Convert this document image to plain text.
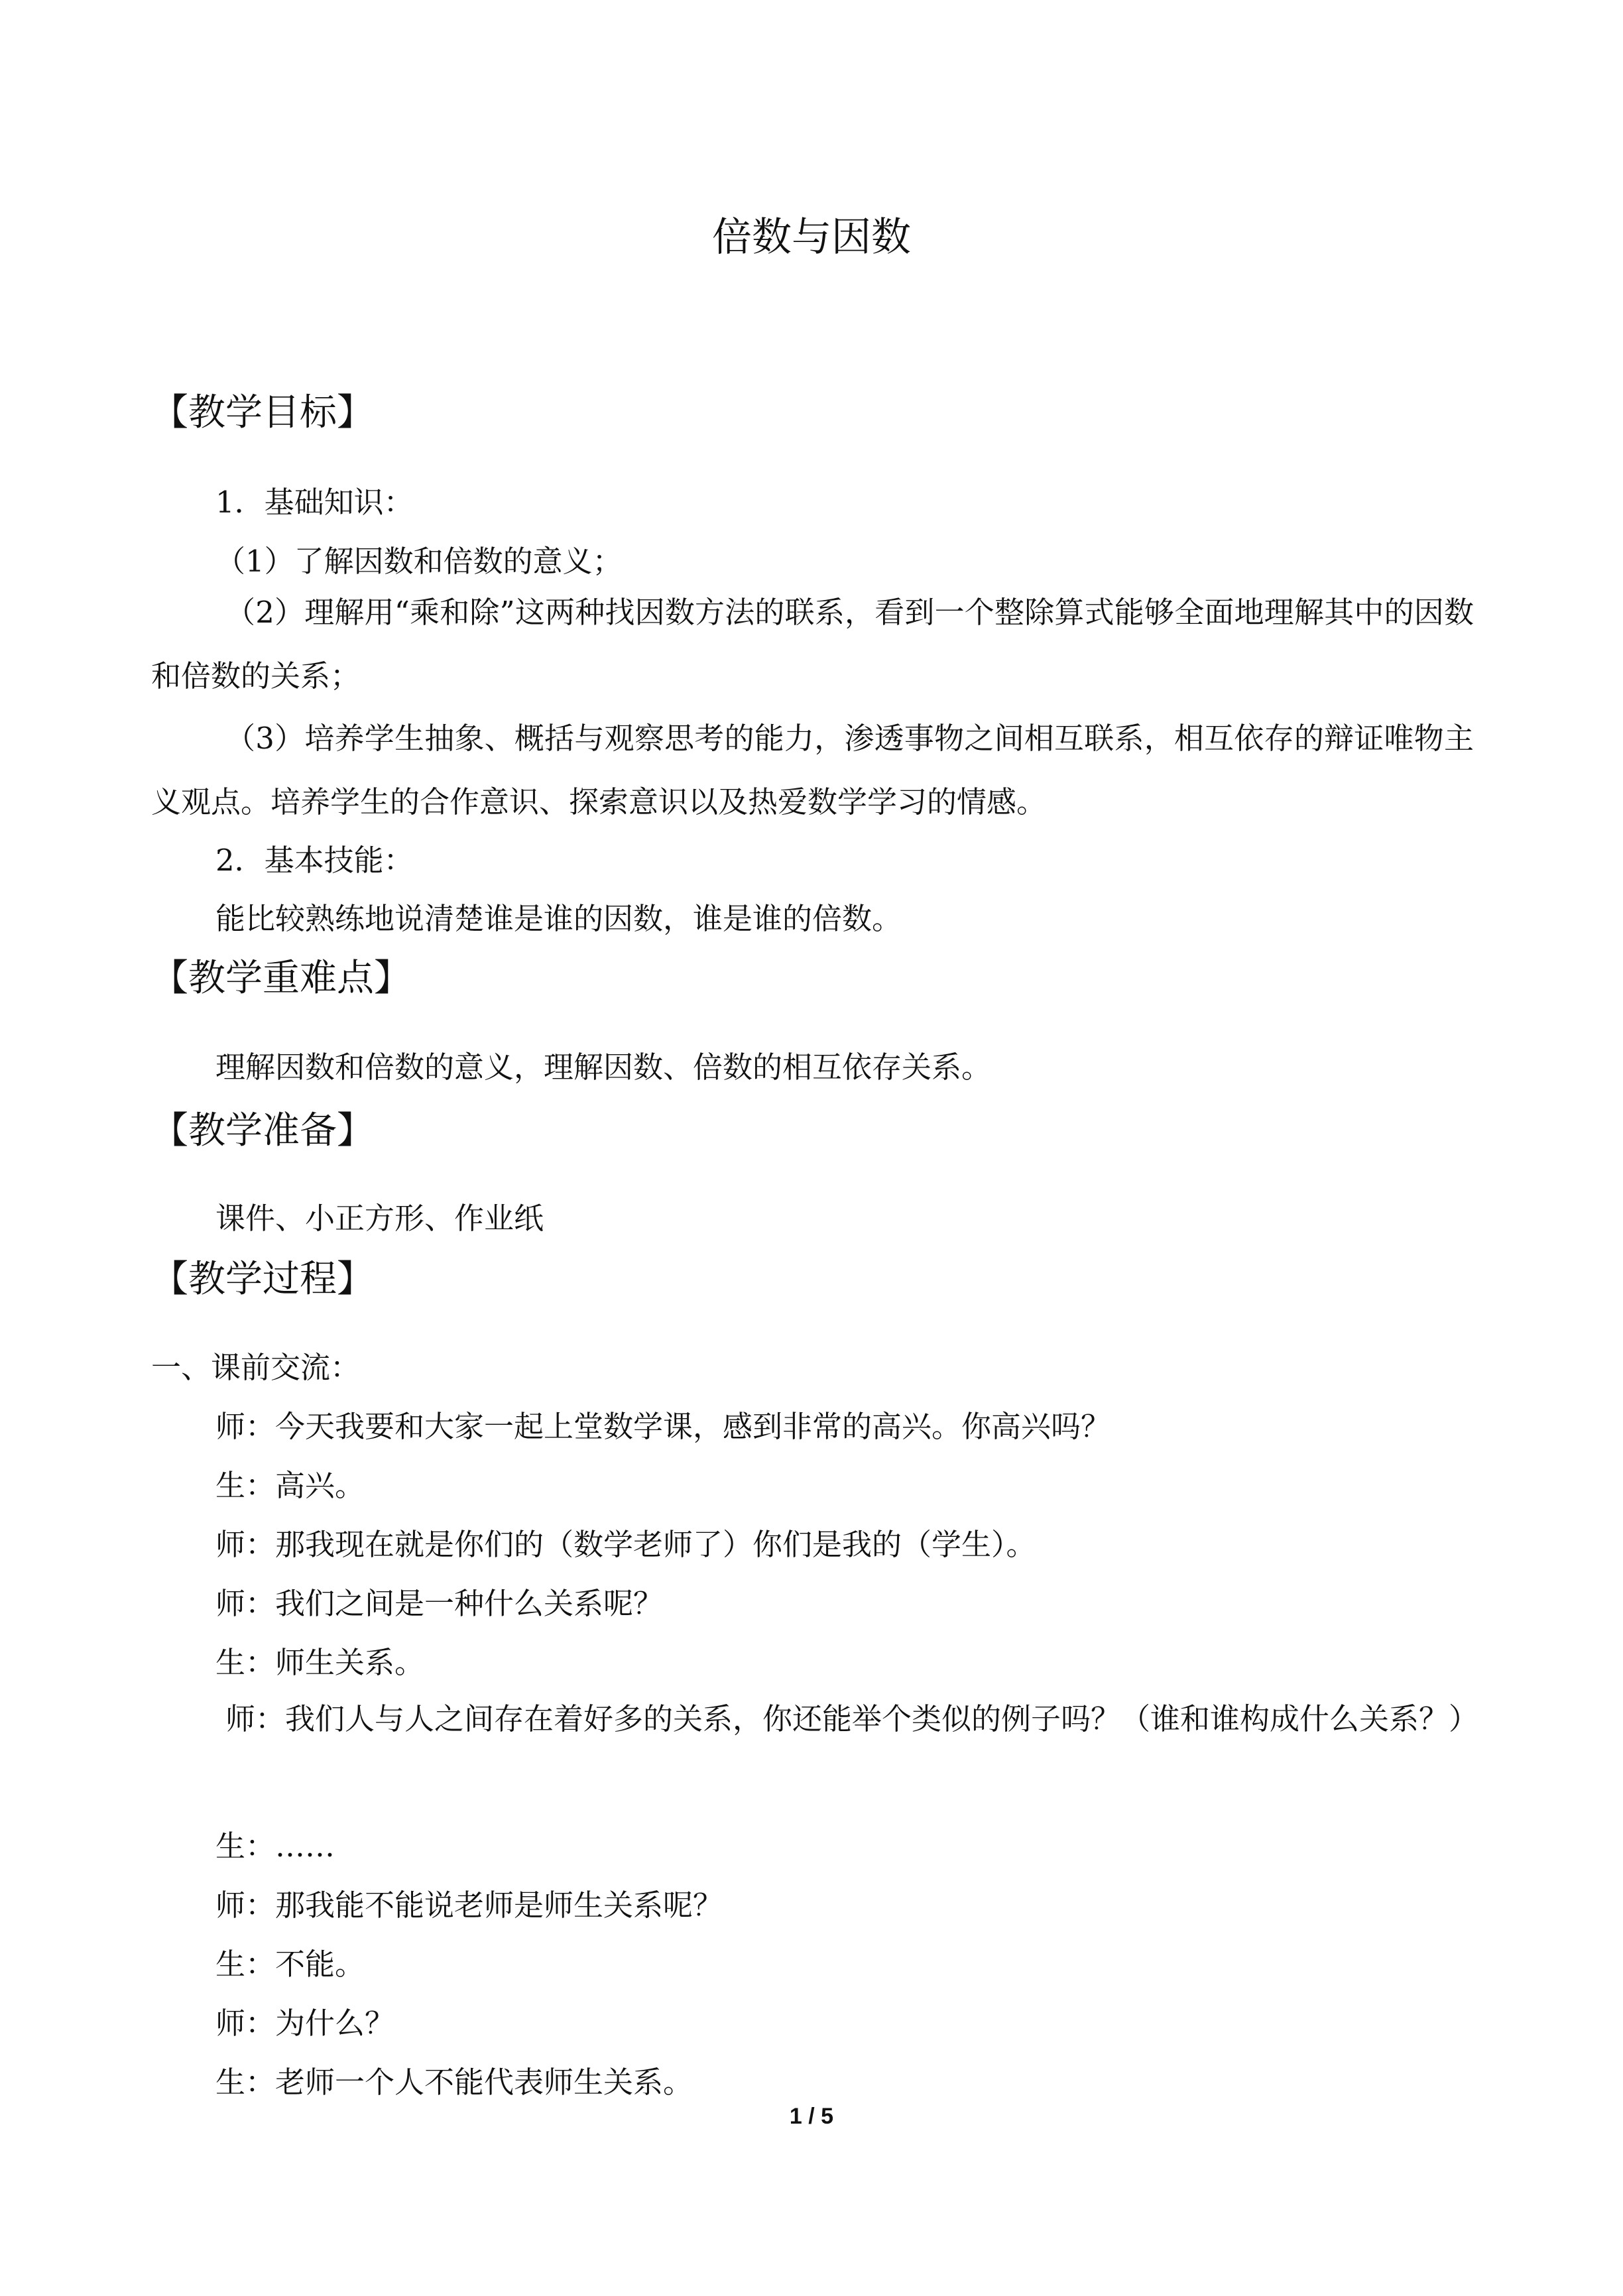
倍数与因数
【教学目标】

1．基础知识：

（1）了解因数和倍数的意义；

（2）理解用“乘和除”这两种找因数方法的联系，看到一个整除算式能够全面地理解其中的因数和倍数的关系；

（3）培养学生抽象、概括与观察思考的能力，渗透事物之间相互联系，相互依存的辩证唯物主义观点。培养学生的合作意识、探索意识以及热爱数学学习的情感。

2．基本技能：

能比较熟练地说清楚谁是谁的因数，谁是谁的倍数。

【教学重难点】

理解因数和倍数的意义，理解因数、倍数的相互依存关系。

【教学准备】

课件、小正方形、作业纸

【教学过程】

一、课前交流：

师：今天我要和大家一起上堂数学课，感到非常的高兴。你高兴吗？

生：高兴。

师：那我现在就是你们的（数学老师了）你们是我的（学生）。

师：我们之间是一种什么关系呢？

生：师生关系。

师：我们人与人之间存在着好多的关系，你还能举个类似的例子吗？（谁和谁构成什么关系？）

生：……

师：那我能不能说老师是师生关系呢？

生：不能。

师：为什么？

生：老师一个人不能代表师生关系。

1 / 5
